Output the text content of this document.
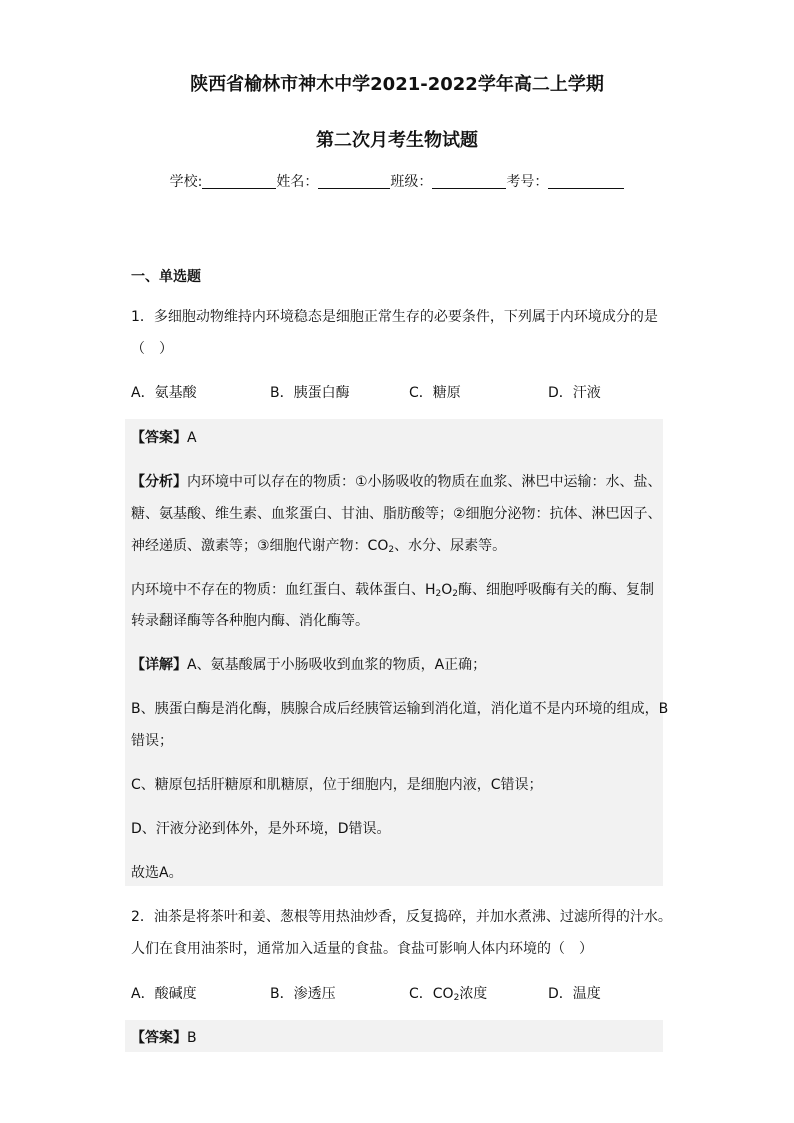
陕西省榆林市神木中学2021-2022学年高二上学期
第二次月考生物试题
学校:	姓名：	班级：	考号：
一、单选题
1．多细胞动物维持内环境稳态是细胞正常生存的必要条件，下列属于内环境成分的是
（　）
A．氨基酸	B．胰蛋白酶	C．糖原	D．汗液
【答案】A
【分析】内环境中可以存在的物质：①小肠吸收的物质在血浆、淋巴中运输：水、盐、
糖、氨基酸、维生素、血浆蛋白、甘油、脂肪酸等；②细胞分泌物：抗体、淋巴因子、
神经递质、激素等；③细胞代谢产物：$CO_2$、水分、尿素等。
内环境中不存在的物质：血红蛋白、载体蛋白、$H_2O_2$酶、细胞呼吸酶有关的酶、复制
转录翻译酶等各种胞内酶、消化酶等。
【详解】A、氨基酸属于小肠吸收到血浆的物质，A正确；
B、胰蛋白酶是消化酶，胰腺合成后经胰管运输到消化道，消化道不是内环境的组成，B
错误；
C、糖原包括肝糖原和肌糖原，位于细胞内，是细胞内液，C错误；
D、汗液分泌到体外，是外环境，D错误。
故选A。
2．油茶是将茶叶和姜、葱根等用热油炒香，反复捣碎，并加水煮沸、过滤所得的汁水。
人们在食用油茶时，通常加入适量的食盐。食盐可影响人体内环境的（　）
A．酸碱度	B．渗透压	C．$CO_2$浓度	D．温度
【答案】B
